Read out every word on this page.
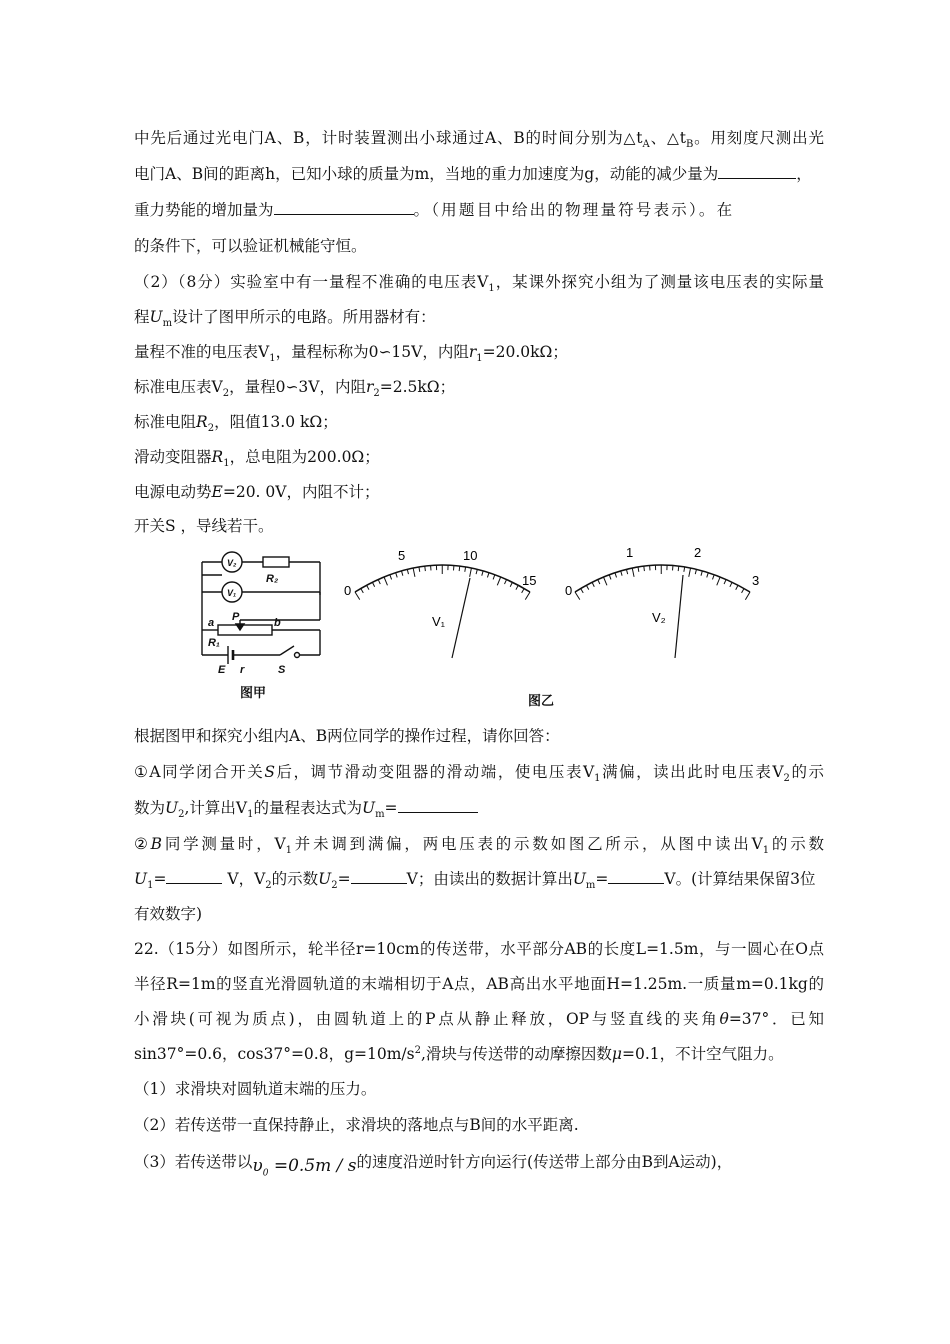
中先后通过光电门A、B，计时装置测出小球通过A、B的时间分别为$\triangle t_A$、$\triangle t_B$。用刻度尺测出光
电门A、B间的距离h，已知小球的质量为m，当地的重力加速度为g，动能的减少量为	，
重力势能的增加量为	。（用题目中给出的物理量符号表示）。在
的条件下，可以验证机械能守恒。
（2）（8分）实验室中有一量程不准确的电压表$V_1$，某课外探究小组为了测量该电压表的实际量
程$U_m$设计了图甲所示的电路。所用器材有：
量程不准的电压表$V_1$，量程标称为0∽15V，内阻$r_1=20.0k\Omega$；
标准电压表$V_2$，量程0∽3V，内阻$r_2=2.5k\Omega$；
标准电阻$R_2$，阻值13.0 kΩ；
滑动变阻器$R_1$，总电阻为200.0Ω；
电源电动势E=20. 0V，内阻不计；
开关S ，导线若干。
V₂
V₁
R₂
P
a	b
R₁
E r	S
0
5	10
15
V₁
0
1	2
3
V₂
图甲
图乙
根据图甲和探究小组内A、B两位同学的操作过程，请你回答：
①A同学闭合开关S后，调节滑动变阻器的滑动端，使电压表$V_1$满偏，读出此时电压表$V_2$的示
数为$U_2$,计算出$V_1$的量程表达式为$U_m=$
②B同学测量时，$V_1$并未调到满偏，两电压表的示数如图乙所示，从图中读出$V_1$的示数
$U_1=$	V，$V_2$的示数$U_2=$	V；由读出的数据计算出$U_m=$	V。(计算结果保留3位
有效数字)
22.（15分）如图所示，轮半径r=10cm的传送带，水平部分AB的长度L=1.5m，与一圆心在O点
半径R=1m的竖直光滑圆轨道的末端相切于A点，AB高出水平地面H=1.25m.一质量m=0.1kg的
小滑块(可视为质点)，由圆轨道上的P点从静止释放，OP与竖直线的夹角θ=37°．已知
sin37°=0.6，cos37°=0.8，$g=10m/s^2$,滑块与传送带的动摩擦因数μ=0.1，不计空气阻力。
（1）求滑块对圆轨道末端的压力。
（2）若传送带一直保持静止，求滑块的落地点与B间的水平距离.
（3）若传送带以$\upsilon_0 =0.5m / s$的速度沿逆时针方向运行(传送带上部分由B到A运动)，
